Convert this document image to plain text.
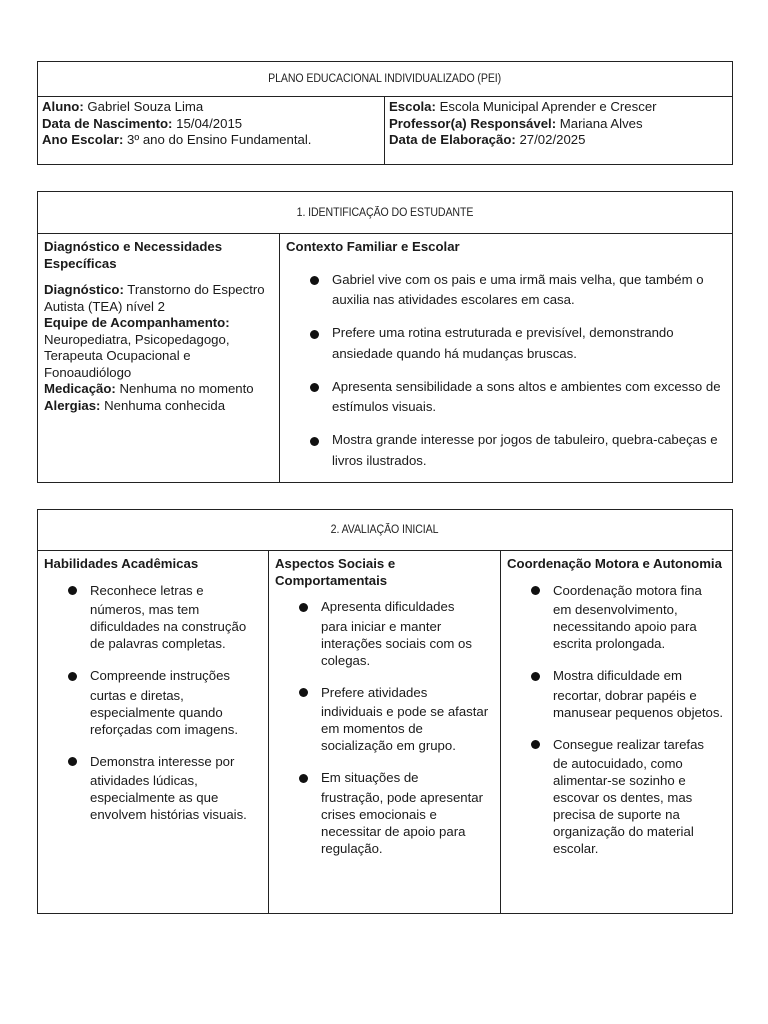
PLANO EDUCACIONAL INDIVIDUALIZADO (PEI)
Aluno: Gabriel Souza Lima
Data de Nascimento: 15/04/2015
Ano Escolar: 3º ano do Ensino Fundamental.
Escola: Escola Municipal Aprender e Crescer
Professor(a) Responsável: Mariana Alves
Data de Elaboração: 27/02/2025
1. IDENTIFICAÇÃO DO ESTUDANTE
Diagnóstico e Necessidades Específicas
Diagnóstico: Transtorno do Espectro Autista (TEA) nível 2
Equipe de Acompanhamento: Neuropediatra, Psicopedagogo, Terapeuta Ocupacional e Fonoaudiólogo
Medicação: Nenhuma no momento
Alergias: Nenhuma conhecida
Contexto Familiar e Escolar
Gabriel vive com os pais e uma irmã mais velha, que também o auxilia nas atividades escolares em casa.
Prefere uma rotina estruturada e previsível, demonstrando ansiedade quando há mudanças bruscas.
Apresenta sensibilidade a sons altos e ambientes com excesso de estímulos visuais.
Mostra grande interesse por jogos de tabuleiro, quebra-cabeças e livros ilustrados.
2. AVALIAÇÃO INICIAL
Habilidades Acadêmicas
Reconhece letras e
números, mas tem dificuldades na construção de palavras completas.
Compreende instruções
curtas e diretas, especialmente quando reforçadas com imagens.
Demonstra interesse por
atividades lúdicas, especialmente as que envolvem histórias visuais.
Aspectos Sociais e Comportamentais
Apresenta dificuldades
para iniciar e manter interações sociais com os colegas.
Prefere atividades
individuais e pode se afastar em momentos de socialização em grupo.
Em situações de
frustração, pode apresentar crises emocionais e necessitar de apoio para regulação.
Coordenação Motora e Autonomia
Coordenação motora fina
em desenvolvimento, necessitando apoio para escrita prolongada.
Mostra dificuldade em
recortar, dobrar papéis e manusear pequenos objetos.
Consegue realizar tarefas
de autocuidado, como alimentar-se sozinho e escovar os dentes, mas precisa de suporte na organização do material escolar.
